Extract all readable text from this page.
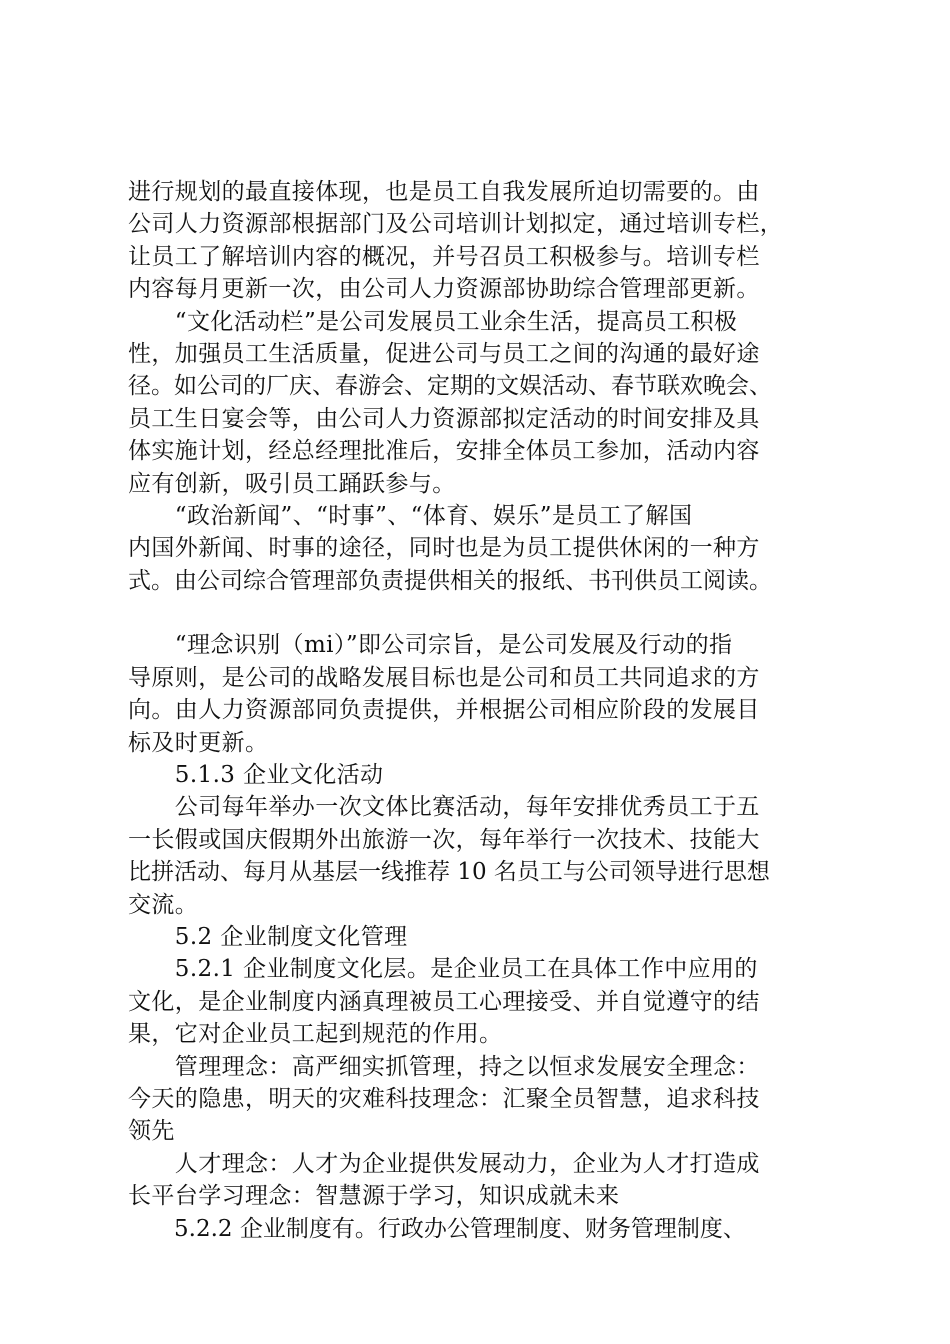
进行规划的最直接体现，也是员工自我发展所迫切需要的。由
公司人力资源部根据部门及公司培训计划拟定，通过培训专栏，
让员工了解培训内容的概况，并号召员工积极参与。培训专栏
内容每月更新一次，由公司人力资源部协助综合管理部更新。
　　“文化活动栏”是公司发展员工业余生活，提高员工积极
性，加强员工生活质量，促进公司与员工之间的沟通的最好途
径。如公司的厂庆、春游会、定期的文娱活动、春节联欢晚会、
员工生日宴会等，由公司人力资源部拟定活动的时间安排及具
体实施计划，经总经理批准后，安排全体员工参加，活动内容
应有创新，吸引员工踊跃参与。
　　“政治新闻”、“时事”、“体育、娱乐”是员工了解国
内国外新闻、时事的途径，同时也是为员工提供休闲的一种方
式。由公司综合管理部负责提供相关的报纸、书刊供员工阅读。
　　“理念识别（mi）”即公司宗旨，是公司发展及行动的指
导原则，是公司的战略发展目标也是公司和员工共同追求的方
向。由人力资源部同负责提供，并根据公司相应阶段的发展目
标及时更新。
　　5.1.3 企业文化活动
　　公司每年举办一次文体比赛活动，每年安排优秀员工于五
一长假或国庆假期外出旅游一次，每年举行一次技术、技能大
比拼活动、每月从基层一线推荐 10 名员工与公司领导进行思想
交流。
　　5.2 企业制度文化管理
　　5.2.1 企业制度文化层。是企业员工在具体工作中应用的
文化，是企业制度内涵真理被员工心理接受、并自觉遵守的结
果，它对企业员工起到规范的作用。
　　管理理念：高严细实抓管理，持之以恒求发展安全理念：
今天的隐患，明天的灾难科技理念：汇聚全员智慧，追求科技
领先
　　人才理念：人才为企业提供发展动力，企业为人才打造成
长平台学习理念：智慧源于学习，知识成就未来
　　5.2.2 企业制度有。行政办公管理制度、财务管理制度、
